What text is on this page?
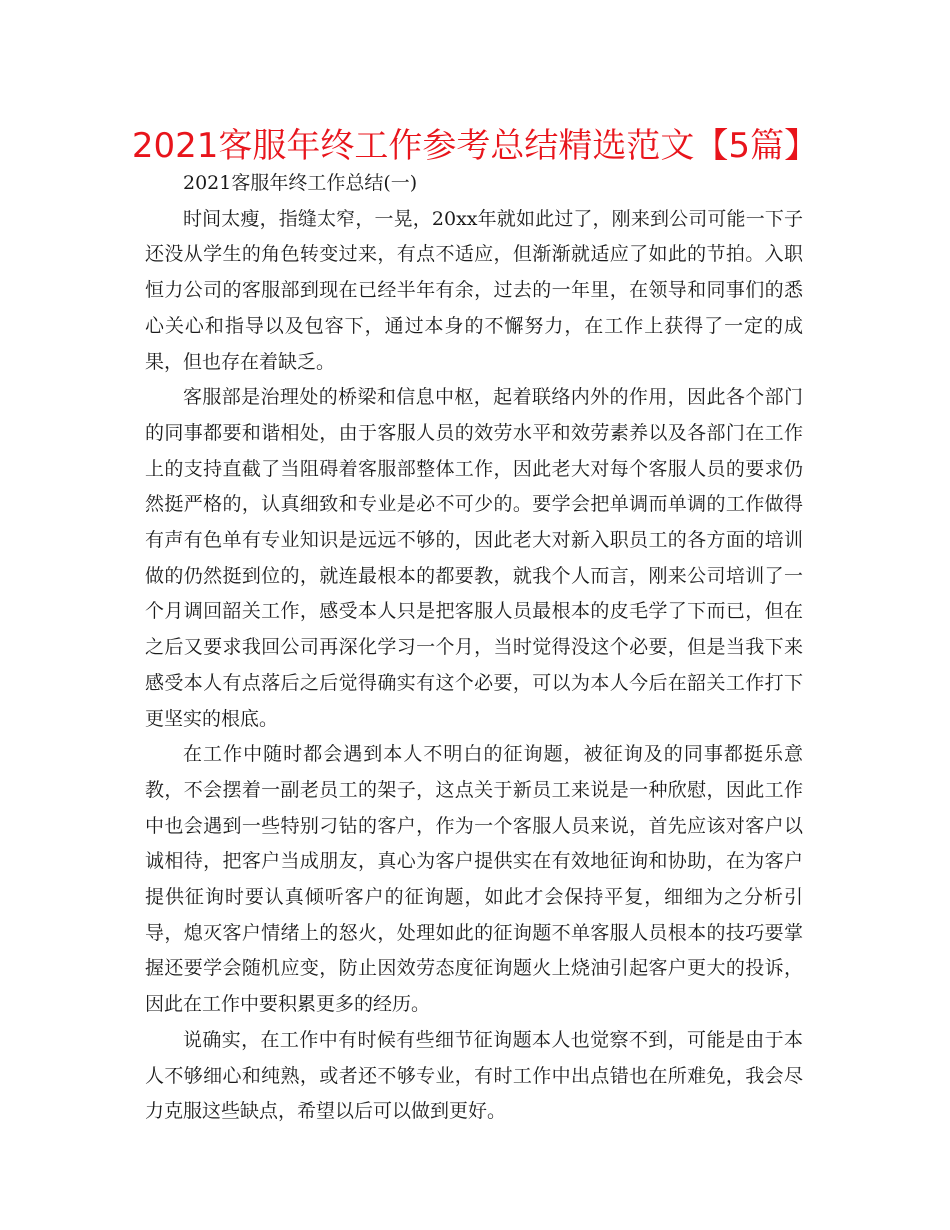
2021客服年终工作参考总结精选范文【5篇】

2021客服年终工作总结(一)

时间太瘦，指缝太窄，一晃，20xx年就如此过了，刚来到公司可能一下子还没从学生的角色转变过来，有点不适应，但渐渐就适应了如此的节拍。入职恒力公司的客服部到现在已经半年有余，过去的一年里，在领导和同事们的悉心关心和指导以及包容下，通过本身的不懈努力，在工作上获得了一定的成果，但也存在着缺乏。

客服部是治理处的桥梁和信息中枢，起着联络内外的作用，因此各个部门的同事都要和谐相处，由于客服人员的效劳水平和效劳素养以及各部门在工作上的支持直截了当阻碍着客服部整体工作，因此老大对每个客服人员的要求仍然挺严格的，认真细致和专业是必不可少的。要学会把单调而单调的工作做得有声有色单有专业知识是远远不够的，因此老大对新入职员工的各方面的培训做的仍然挺到位的，就连最根本的都要教，就我个人而言，刚来公司培训了一个月调回韶关工作，感受本人只是把客服人员最根本的皮毛学了下而已，但在之后又要求我回公司再深化学习一个月，当时觉得没这个必要，但是当我下来感受本人有点落后之后觉得确实有这个必要，可以为本人今后在韶关工作打下更坚实的根底。

在工作中随时都会遇到本人不明白的征询题，被征询及的同事都挺乐意教，不会摆着一副老员工的架子，这点关于新员工来说是一种欣慰，因此工作中也会遇到一些特别刁钻的客户，作为一个客服人员来说，首先应该对客户以诚相待，把客户当成朋友，真心为客户提供实在有效地征询和协助，在为客户提供征询时要认真倾听客户的征询题，如此才会保持平复，细细为之分析引导，熄灭客户情绪上的怒火，处理如此的征询题不单客服人员根本的技巧要掌握还要学会随机应变，防止因效劳态度征询题火上烧油引起客户更大的投诉，因此在工作中要积累更多的经历。

说确实，在工作中有时候有些细节征询题本人也觉察不到，可能是由于本人不够细心和纯熟，或者还不够专业，有时工作中出点错也在所难免，我会尽力克服这些缺点，希望以后可以做到更好。
